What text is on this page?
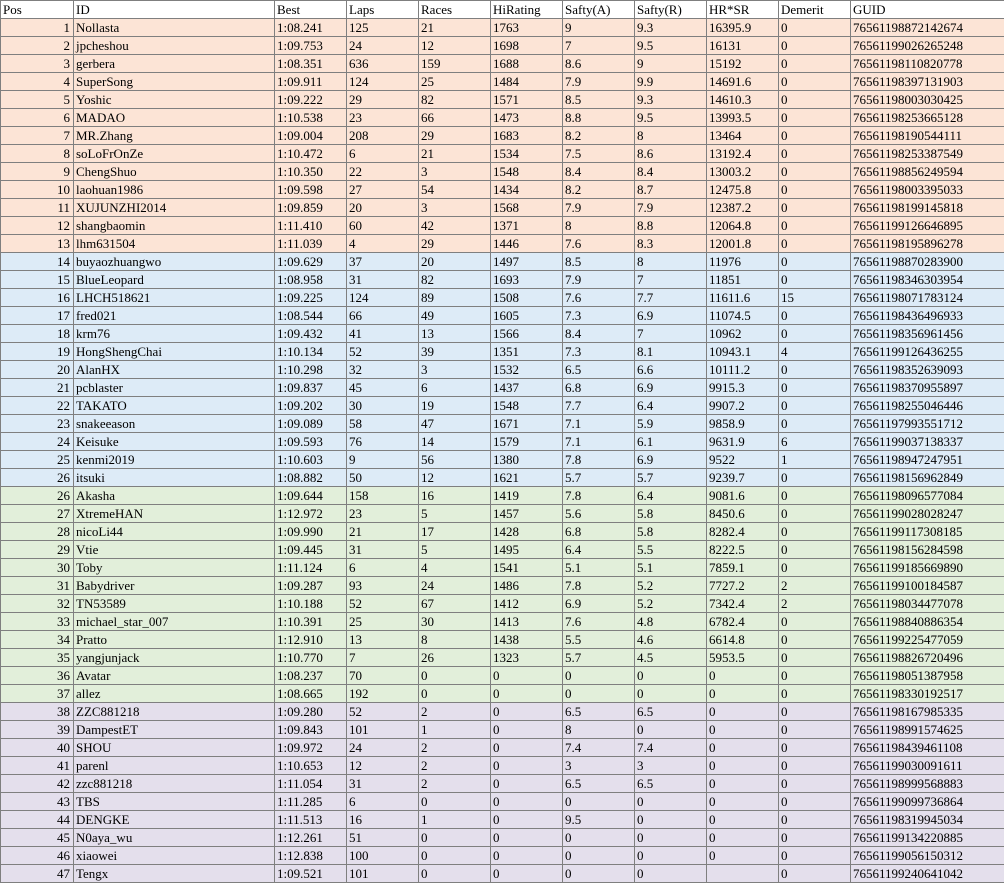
Pos	ID	Best	Laps	Races	HiRating	Safty(A)	Safty(R)	HR*SR	Demerit	GUID
1	Nollasta	1:08.241	125	21	1763	9	9.3	16395.9	0	76561198872142674
2	jpcheshou	1:09.753	24	12	1698	7	9.5	16131	0	76561199026265248
3	gerbera	1:08.351	636	159	1688	8.6	9	15192	0	76561198110820778
4	SuperSong	1:09.911	124	25	1484	7.9	9.9	14691.6	0	76561198397131903
5	Yoshic	1:09.222	29	82	1571	8.5	9.3	14610.3	0	76561198003030425
6	MADAO	1:10.538	23	66	1473	8.8	9.5	13993.5	0	76561198253665128
7	MR.Zhang	1:09.004	208	29	1683	8.2	8	13464	0	76561198190544111
8	soLoFrOnZe	1:10.472	6	21	1534	7.5	8.6	13192.4	0	76561198253387549
9	ChengShuo	1:10.350	22	3	1548	8.4	8.4	13003.2	0	76561198856249594
10	laohuan1986	1:09.598	27	54	1434	8.2	8.7	12475.8	0	76561198003395033
11	XUJUNZHI2014	1:09.859	20	3	1568	7.9	7.9	12387.2	0	76561198199145818
12	shangbaomin	1:11.410	60	42	1371	8	8.8	12064.8	0	76561199126646895
13	lhm631504	1:11.039	4	29	1446	7.6	8.3	12001.8	0	76561198195896278
14	buyaozhuangwo	1:09.629	37	20	1497	8.5	8	11976	0	76561198870283900
15	BlueLeopard	1:08.958	31	82	1693	7.9	7	11851	0	76561198346303954
16	LHCH518621	1:09.225	124	89	1508	7.6	7.7	11611.6	15	76561198071783124
17	fred021	1:08.544	66	49	1605	7.3	6.9	11074.5	0	76561198436496933
18	krm76	1:09.432	41	13	1566	8.4	7	10962	0	76561198356961456
19	HongShengChai	1:10.134	52	39	1351	7.3	8.1	10943.1	4	76561199126436255
20	AlanHX	1:10.298	32	3	1532	6.5	6.6	10111.2	0	76561198352639093
21	pcblaster	1:09.837	45	6	1437	6.8	6.9	9915.3	0	76561198370955897
22	TAKATO	1:09.202	30	19	1548	7.7	6.4	9907.2	0	76561198255046446
23	snakeeason	1:09.089	58	47	1671	7.1	5.9	9858.9	0	76561197993551712
24	Keisuke	1:09.593	76	14	1579	7.1	6.1	9631.9	6	76561199037138337
25	kenmi2019	1:10.603	9	56	1380	7.8	6.9	9522	1	76561198947247951
26	itsuki	1:08.882	50	12	1621	5.7	5.7	9239.7	0	76561198156962849
26	Akasha	1:09.644	158	16	1419	7.8	6.4	9081.6	0	76561198096577084
27	XtremeHAN	1:12.972	23	5	1457	5.6	5.8	8450.6	0	76561199028028247
28	nicoLi44	1:09.990	21	17	1428	6.8	5.8	8282.4	0	76561199117308185
29	Vtie	1:09.445	31	5	1495	6.4	5.5	8222.5	0	76561198156284598
30	Toby	1:11.124	6	4	1541	5.1	5.1	7859.1	0	76561199185669890
31	Babydriver	1:09.287	93	24	1486	7.8	5.2	7727.2	2	76561199100184587
32	TN53589	1:10.188	52	67	1412	6.9	5.2	7342.4	2	76561198034477078
33	michael_star_007	1:10.391	25	30	1413	7.6	4.8	6782.4	0	76561198840886354
34	Pratto	1:12.910	13	8	1438	5.5	4.6	6614.8	0	76561199225477059
35	yangjunjack	1:10.770	7	26	1323	5.7	4.5	5953.5	0	76561198826720496
36	Avatar	1:08.237	70	0	0	0	0	0	0	76561198051387958
37	allez	1:08.665	192	0	0	0	0	0	0	76561198330192517
38	ZZC881218	1:09.280	52	2	0	6.5	6.5	0	0	76561198167985335
39	DampestET	1:09.843	101	1	0	8	0	0	0	76561198991574625
40	SHOU	1:09.972	24	2	0	7.4	7.4	0	0	76561198439461108
41	parenl	1:10.653	12	2	0	3	3	0	0	76561199030091611
42	zzc881218	1:11.054	31	2	0	6.5	6.5	0	0	76561198999568883
43	TBS	1:11.285	6	0	0	0	0	0	0	76561199099736864
44	DENGKE	1:11.513	16	1	0	9.5	0	0	0	76561198319945034
45	N0aya_wu	1:12.261	51	0	0	0	0	0	0	76561199134220885
46	xiaowei	1:12.838	100	0	0	0	0	0	0	76561199056150312
47	Tengx	1:09.521	101	0	0	0	0		0	76561199240641042
